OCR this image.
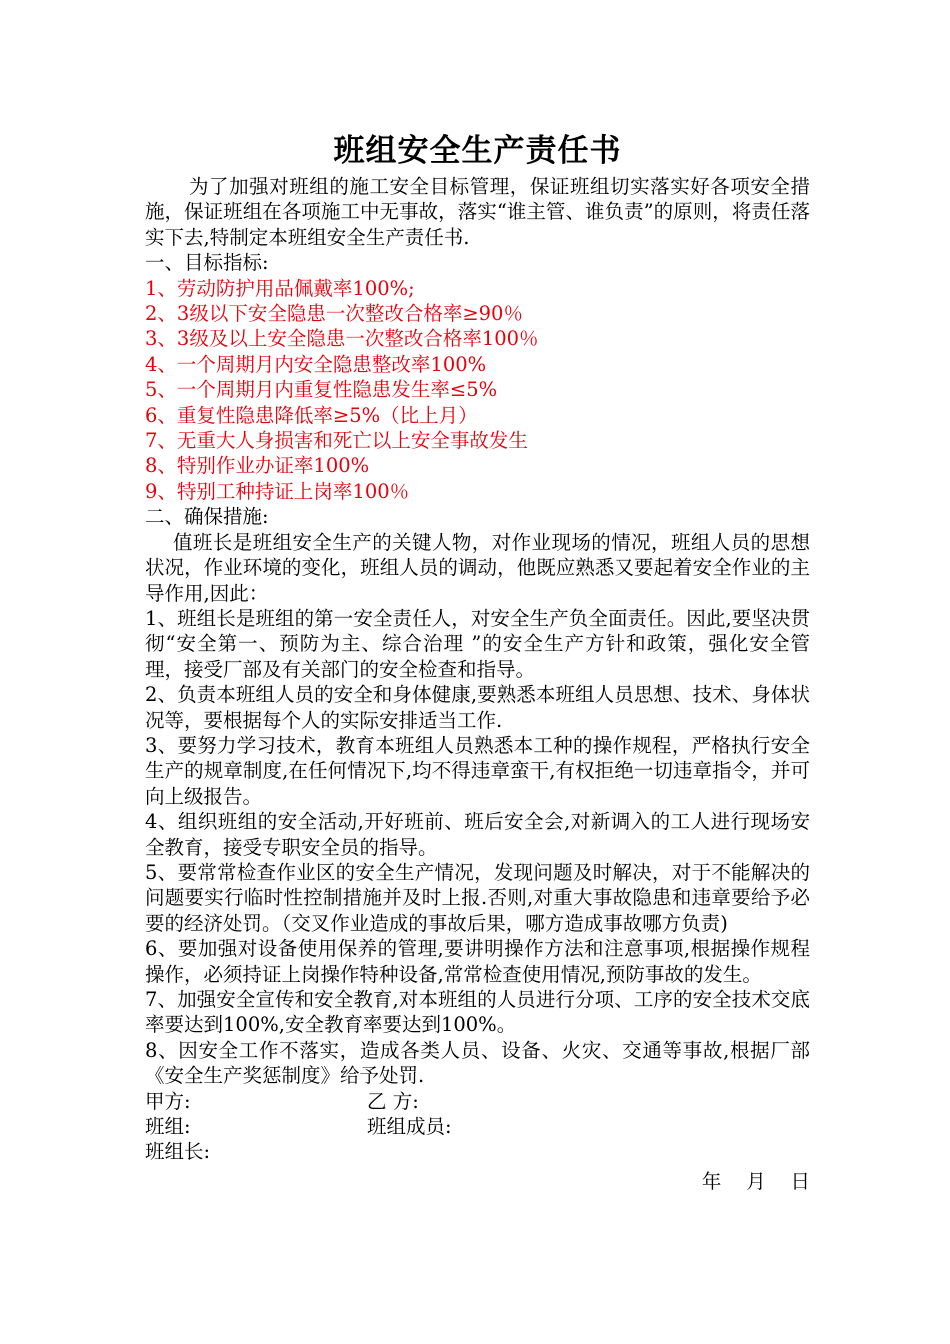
班组安全生产责任书

为了加强对班组的施工安全目标管理，保证班组切实落实好各项安全措施，保证班组在各项施工中无事故，落实“谁主管、谁负责”的原则，将责任落实下去,特制定本班组安全生产责任书.

一、目标指标:

1、劳动防护用品佩戴率100%;

2、3级以下安全隐患一次整改合格率≥90％

3、3级及以上安全隐患一次整改合格率100％

4、一个周期月内安全隐患整改率100%

5、一个周期月内重复性隐患发生率≤5%

6、重复性隐患降低率≥5%（比上月）

7、无重大人身损害和死亡以上安全事故发生

8、特别作业办证率100%

9、特别工种持证上岗率100％

二、确保措施:

值班长是班组安全生产的关键人物，对作业现场的情况，班组人员的思想状况，作业环境的变化，班组人员的调动，他既应熟悉又要起着安全作业的主导作用,因此：

1、班组长是班组的第一安全责任人，对安全生产负全面责任。因此,要坚决贯彻“安全第一、预防为主、综合治理 ”的安全生产方针和政策，强化安全管理，接受厂部及有关部门的安全检查和指导。

2、负责本班组人员的安全和身体健康,要熟悉本班组人员思想、技术、身体状况等，要根据每个人的实际安排适当工作.

3、要努力学习技术，教育本班组人员熟悉本工种的操作规程，严格执行安全生产的规章制度,在任何情况下,均不得违章蛮干,有权拒绝一切违章指令，并可向上级报告。

4、组织班组的安全活动,开好班前、班后安全会,对新调入的工人进行现场安全教育，接受专职安全员的指导。

5、要常常检查作业区的安全生产情况，发现问题及时解决，对于不能解决的问题要实行临时性控制措施并及时上报.否则,对重大事故隐患和违章要给予必要的经济处罚。（交叉作业造成的事故后果，哪方造成事故哪方负责)

6、要加强对设备使用保养的管理,要讲明操作方法和注意事项,根据操作规程操作，必须持证上岗操作特种设备,常常检查使用情况,预防事故的发生。

7、加强安全宣传和安全教育,对本班组的人员进行分项、工序的安全技术交底率要达到100%,安全教育率要达到100%。

8、因安全工作不落实，造成各类人员、设备、火灾、交通等事故,根据厂部《安全生产奖惩制度》给予处罚.

甲方:	乙 方:
班组:	班组成员:
班组长:
年    月    日
